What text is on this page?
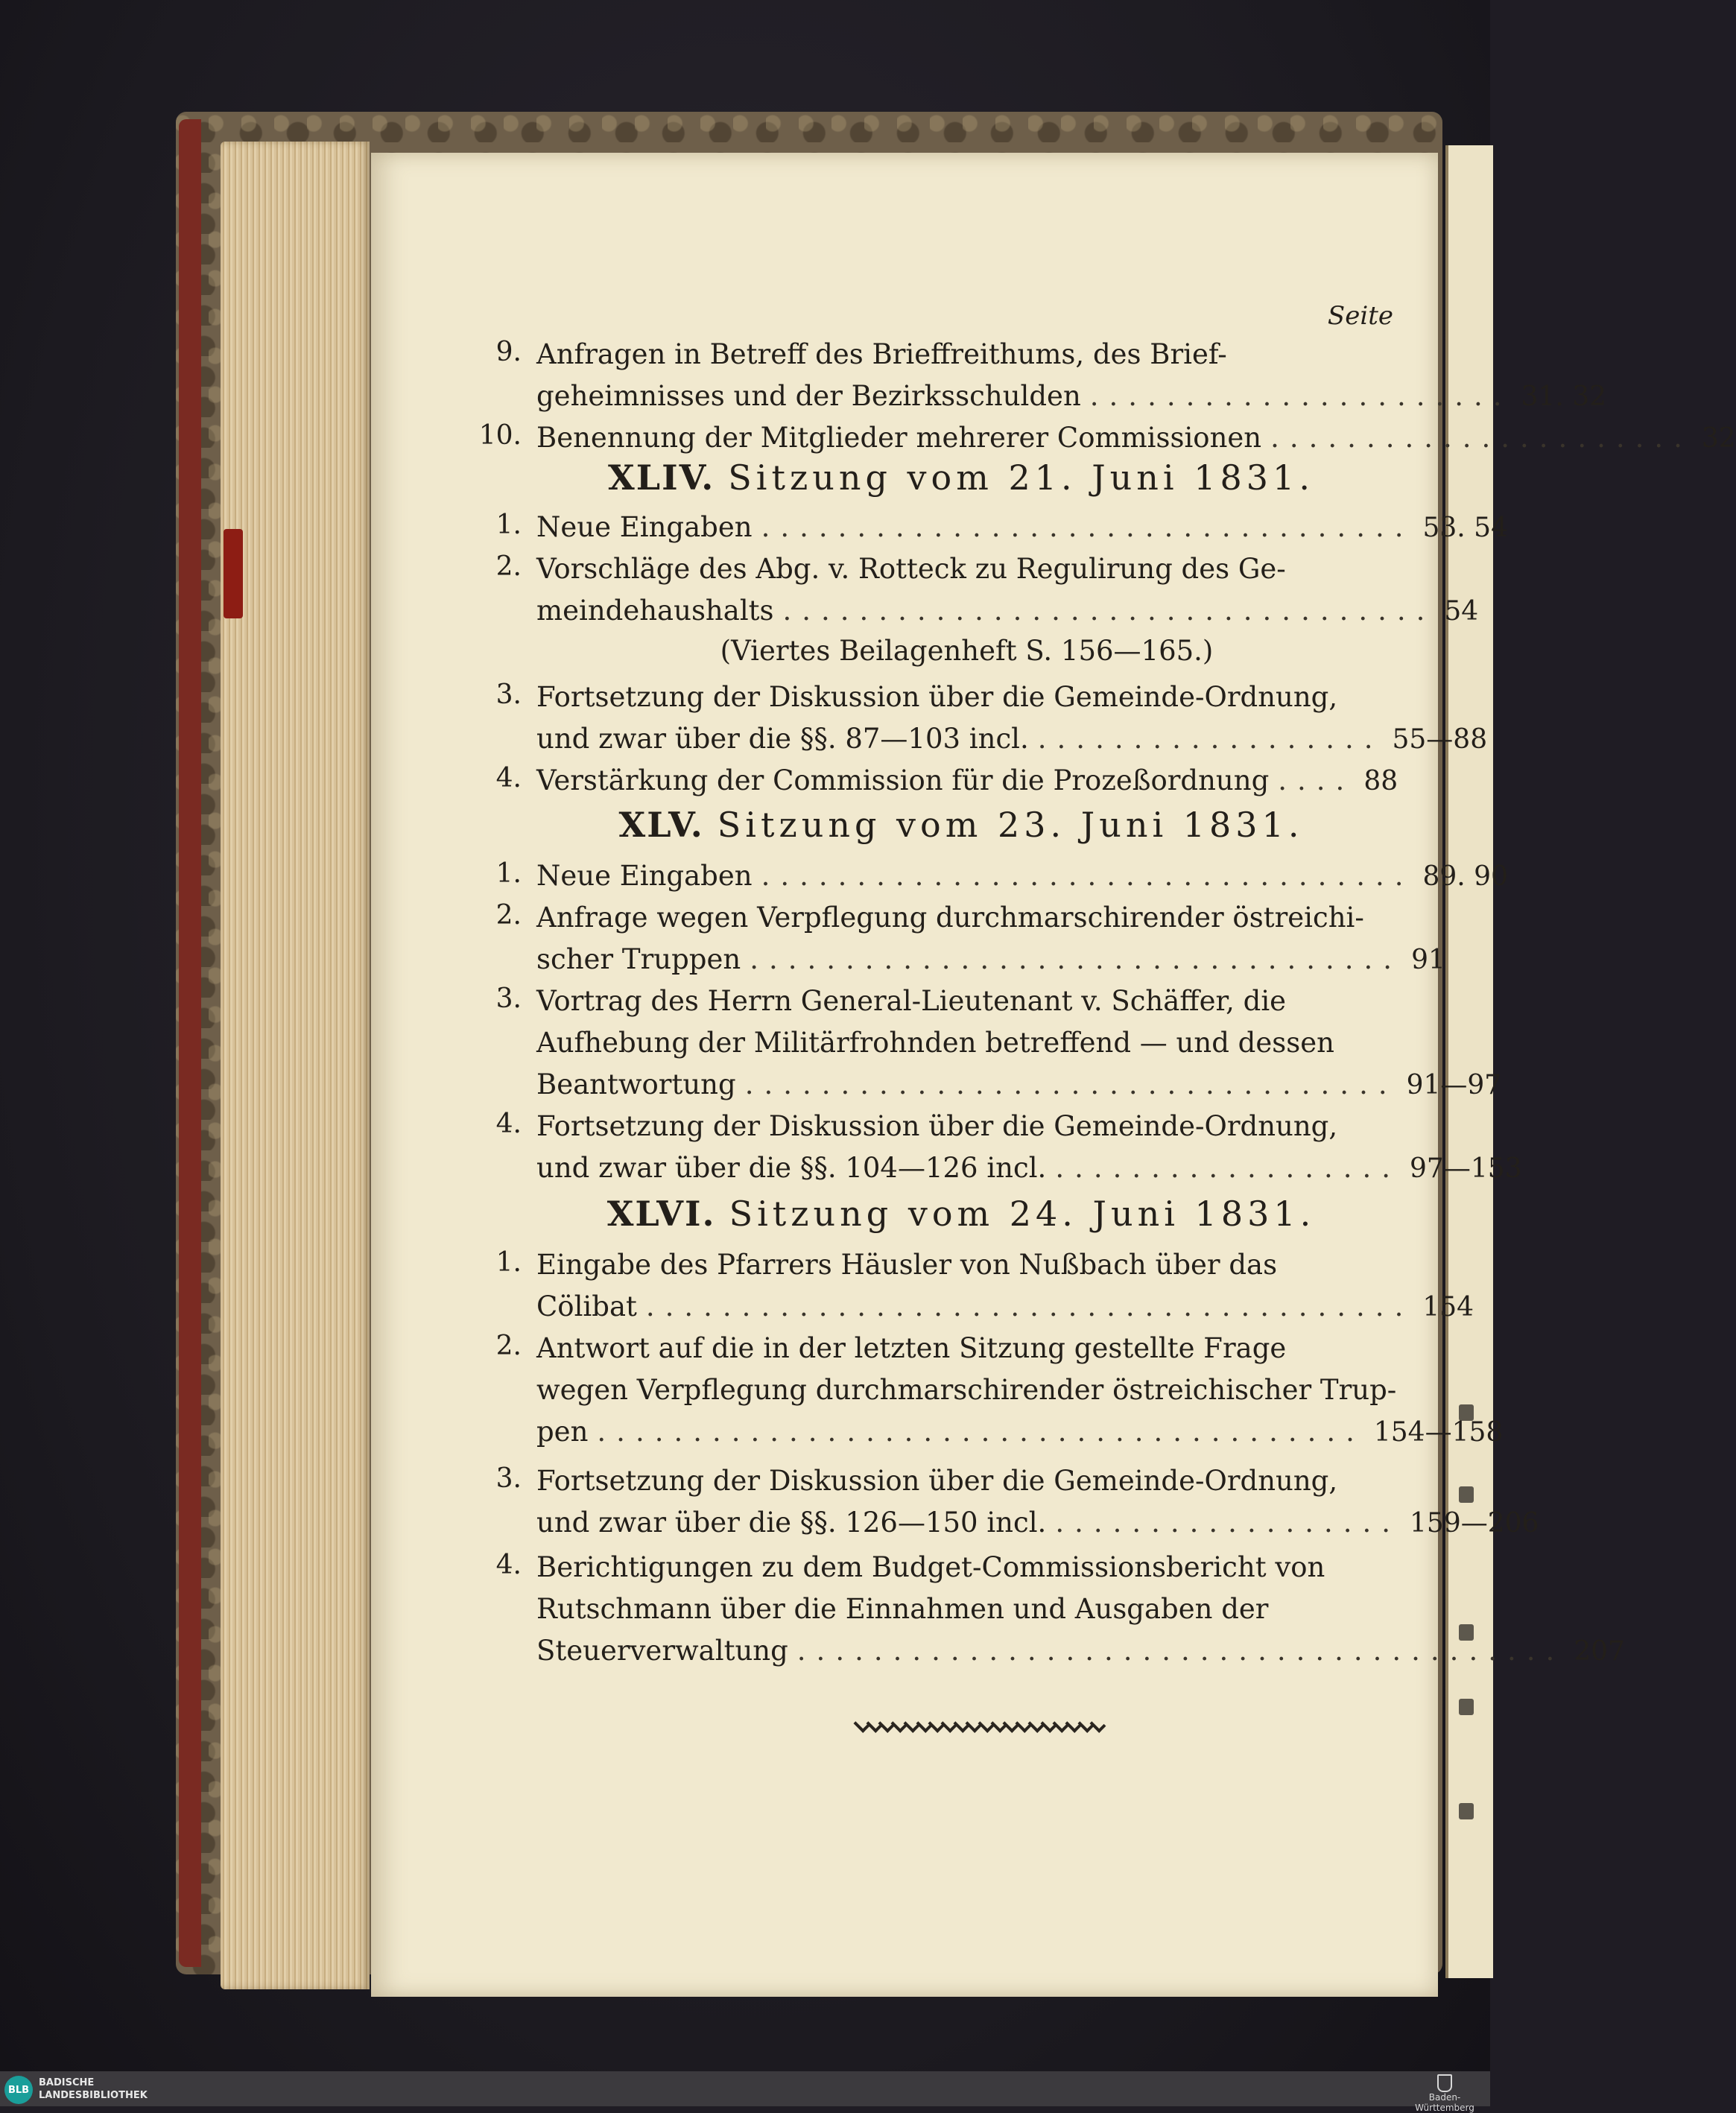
Seite
9. Anfragen in Betreff des Brieffreithums, des Brief-
geheimnisses und der Bezirksschulden ...................... 31. 32
10. Benennung der Mitglieder mehrerer Commissionen ...................... 32
XLIV. Sitzung vom 21. Juni 1831.
1. Neue Eingaben .................................. 53. 54
2. Vorschläge des Abg. v. Rotteck zu Regulirung des Ge-
meindehaushalts .................................. 54
(Viertes Beilagenheft S. 156—165.)
3. Fortsetzung der Diskussion über die Gemeinde-Ordnung,
und zwar über die §§. 87—103 incl. .................. 55—88
4. Verstärkung der Commission für die Prozeßordnung .... 88
XLV. Sitzung vom 23. Juni 1831.
1. Neue Eingaben .................................. 89. 90
2. Anfrage wegen Verpflegung durchmarschirender östreichi-
scher Truppen .................................. 91
3. Vortrag des Herrn General-Lieutenant v. Schäffer, die
Aufhebung der Militärfrohnden betreffend — und dessen
Beantwortung .................................. 91—97
4. Fortsetzung der Diskussion über die Gemeinde-Ordnung,
und zwar über die §§. 104—126 incl. .................. 97—153
XLVI. Sitzung vom 24. Juni 1831.
1. Eingabe des Pfarrers Häusler von Nußbach über das
Cölibat ........................................ 154
2. Antwort auf die in der letzten Sitzung gestellte Frage
wegen Verpflegung durchmarschirender östreichischer Trup-
pen ........................................ 154—158
3. Fortsetzung der Diskussion über die Gemeinde-Ordnung,
und zwar über die §§. 126—150 incl. .................. 159—206
4. Berichtigungen zu dem Budget-Commissionsbericht von
Rutschmann über die Einnahmen und Ausgaben der
Steuerverwaltung ........................................ 207
BLB
BADISCHE
LANDESBIBLIOTHEK	Baden-Württemberg
